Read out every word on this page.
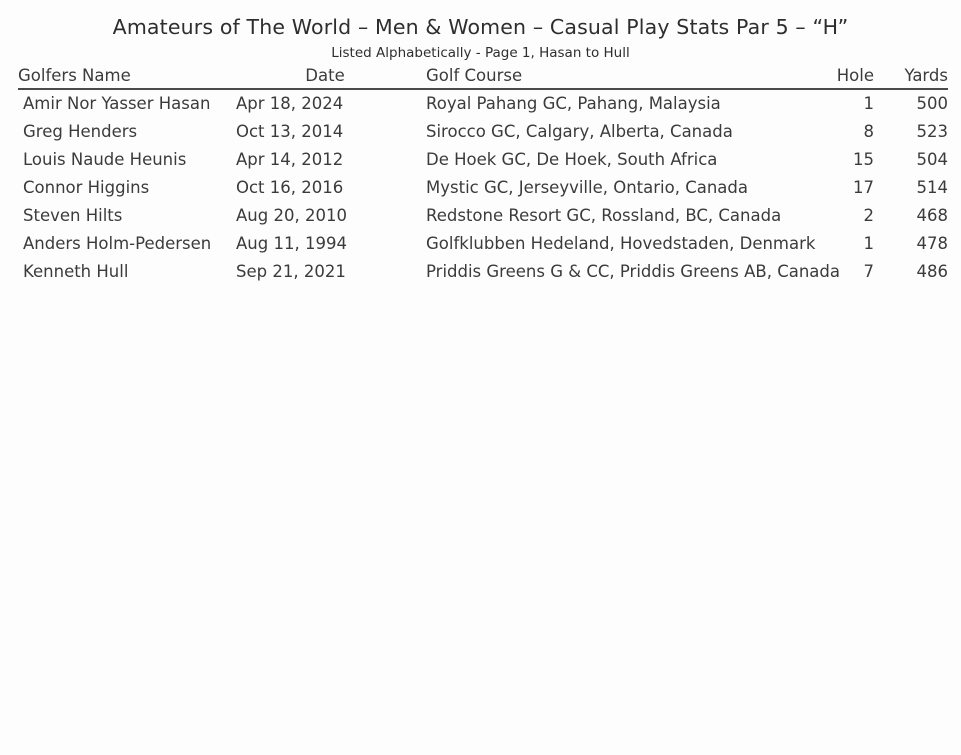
Amateurs of The World – Men & Women – Casual Play Stats Par 5 – “H”
Listed Alphabetically - Page 1, Hasan to Hull
Golfers Name	Date	Golf Course	Hole	Yards
Amir Nor Yasser Hasan	Apr 18, 2024	Royal Pahang GC, Pahang, Malaysia	1	500
Greg Henders	Oct 13, 2014	Sirocco GC, Calgary, Alberta, Canada	8	523
Louis Naude Heunis	Apr 14, 2012	De Hoek GC, De Hoek, South Africa	15	504
Connor Higgins	Oct 16, 2016	Mystic GC, Jerseyville, Ontario, Canada	17	514
Steven Hilts	Aug 20, 2010	Redstone Resort GC, Rossland, BC, Canada	2	468
Anders Holm-Pedersen	Aug 11, 1994	Golfklubben Hedeland, Hovedstaden, Denmark	1	478
Kenneth Hull	Sep 21, 2021	Priddis Greens G & CC, Priddis Greens AB, Canada	7	486
